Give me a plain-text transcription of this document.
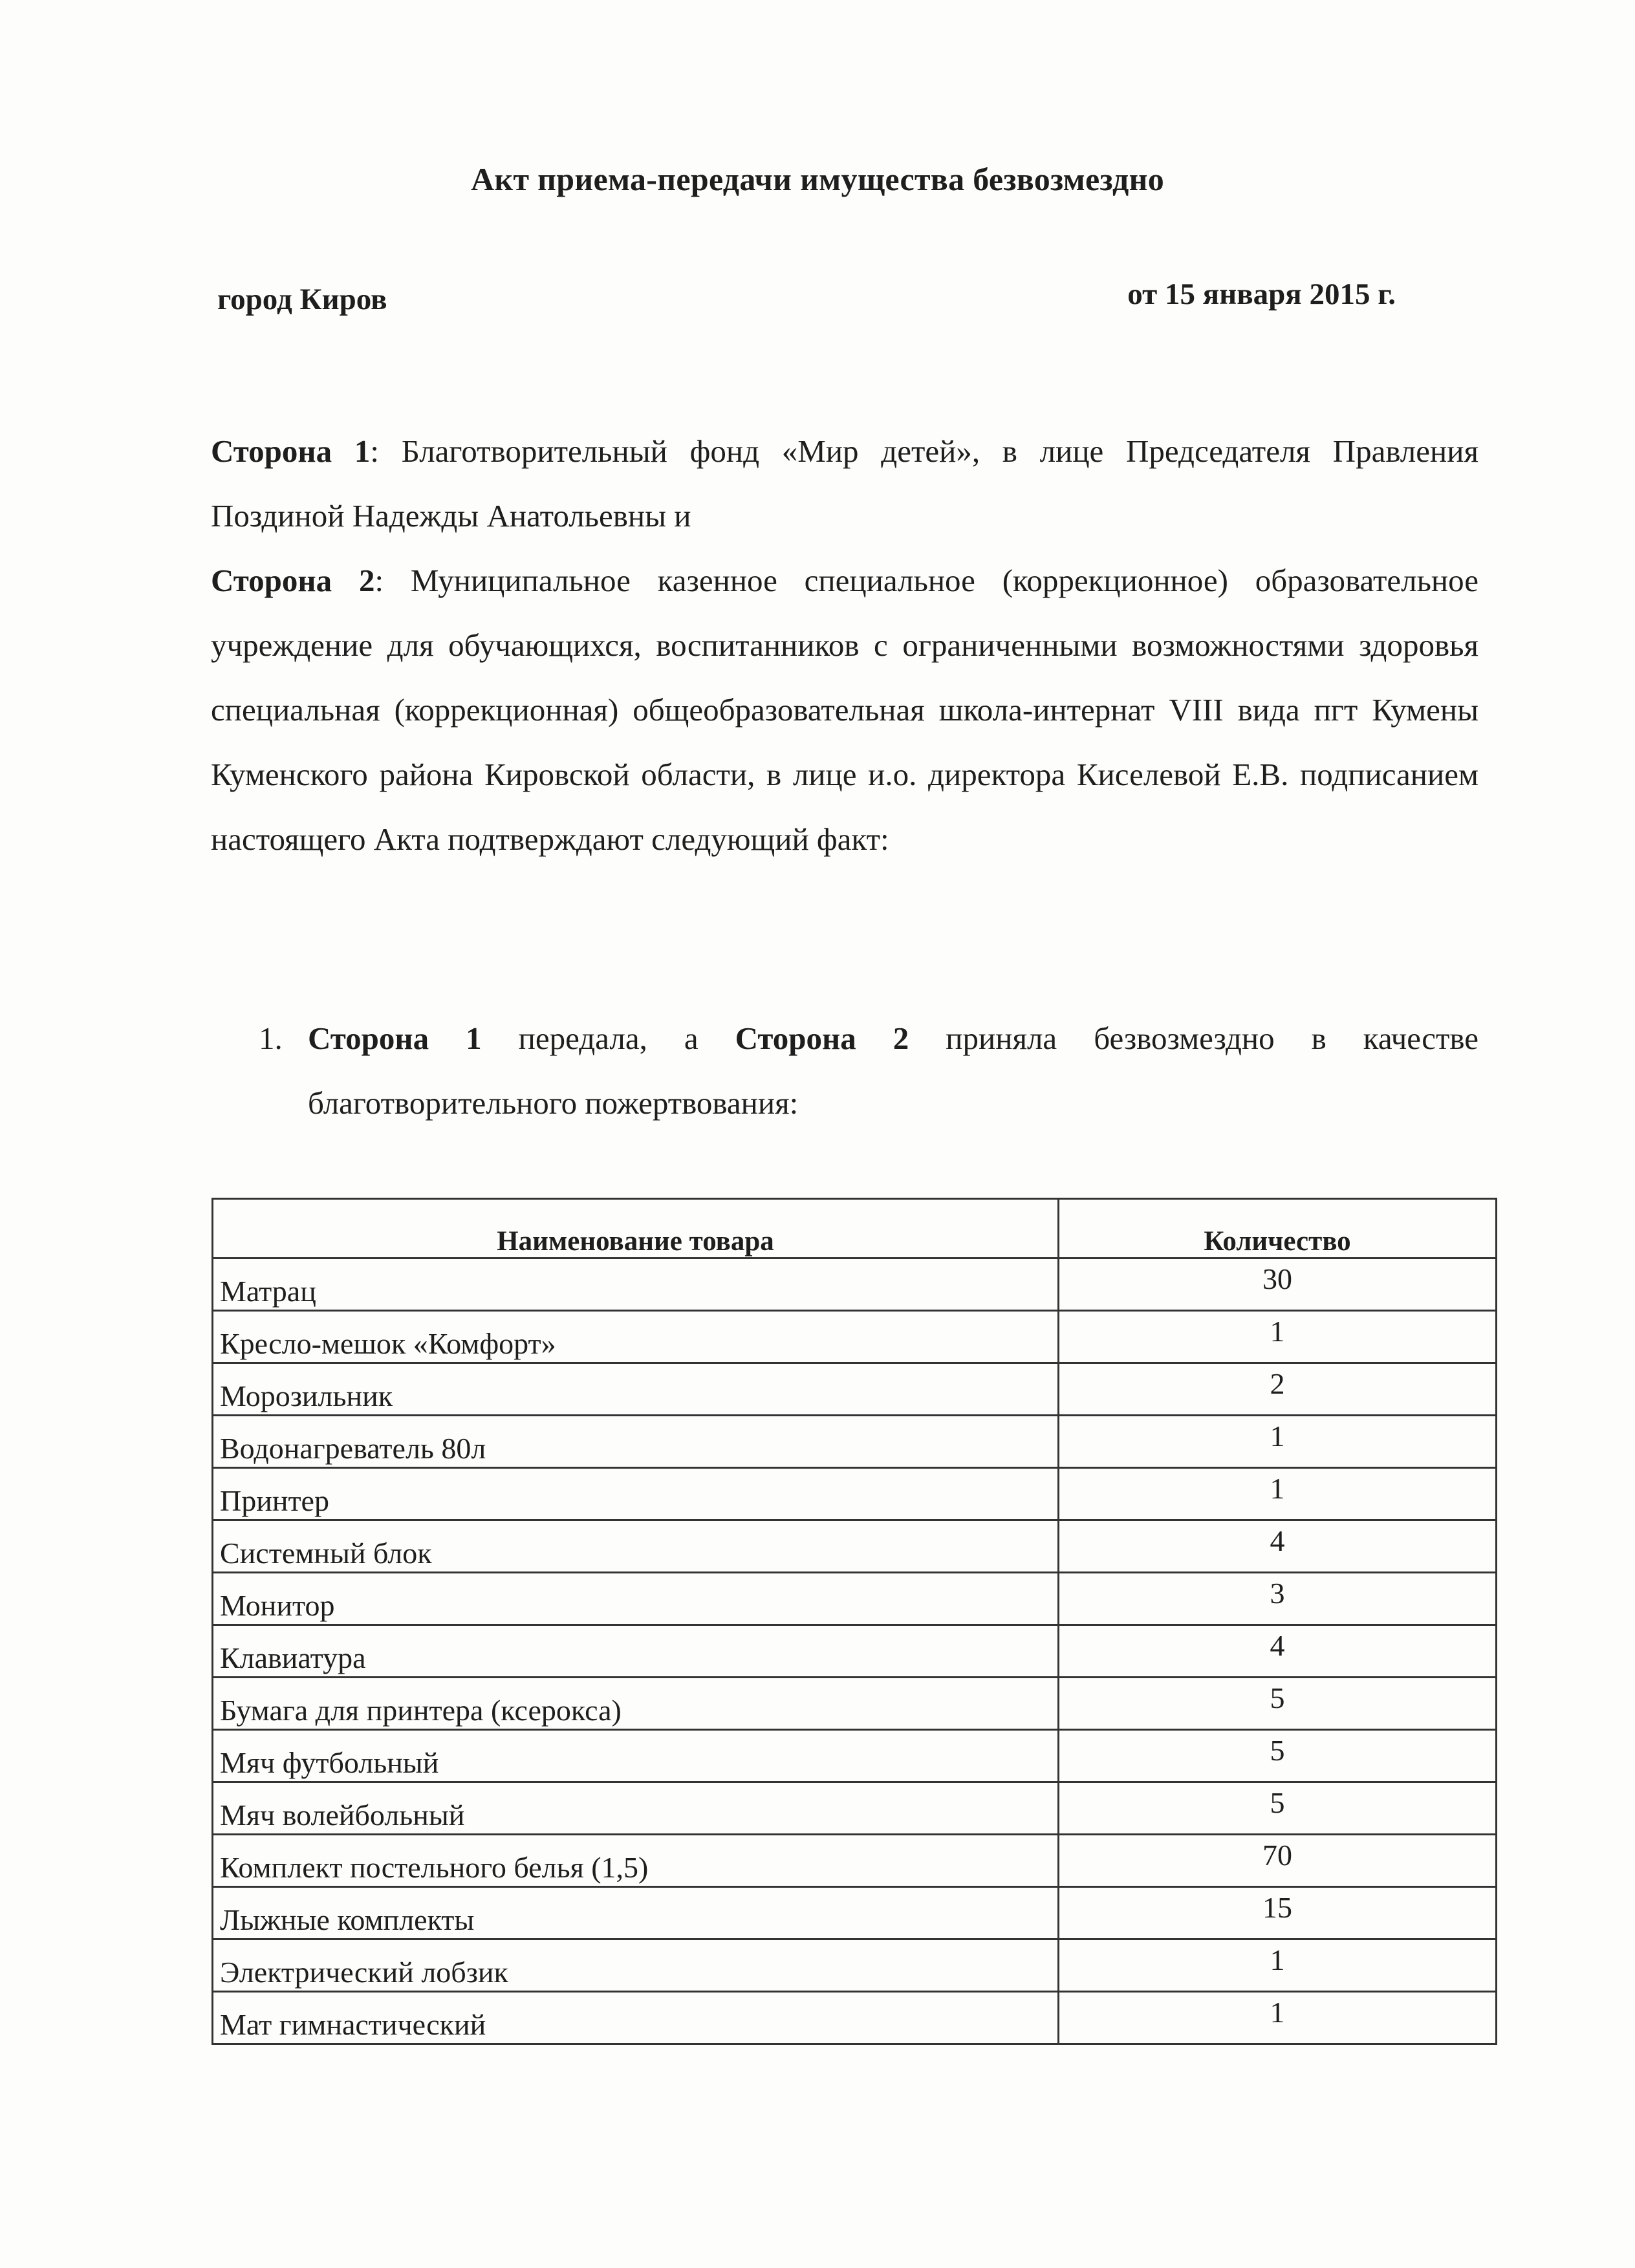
Акт приема-передачи имущества безвозмездно
город Киров	от 15 января 2015 г.

Сторона 1: Благотворительный фонд «Мир детей», в лице Председателя Правления Поздиной Надежды Анатольевны и

Сторона 2: Муниципальное казенное специальное (коррекционное) образовательное учреждение для обучающихся, воспитанников с ограниченными возможностями здоровья специальная (коррекционная) общеобразовательная школа-интернат VIII вида пгт Кумены Куменского района Кировской области, в лице и.о. директора Киселевой Е.В. подписанием настоящего Акта подтверждают следующий факт:

1. Сторона 1 передала, а Сторона 2 приняла безвозмездно в качестве благотворительного пожертвования:
Наименование товара	Количество
Матрац	30
Кресло-мешок «Комфорт»	1
Морозильник	2
Водонагреватель 80л	1
Принтер	1
Системный блок	4
Монитор	3
Клавиатура	4
Бумага для принтера (ксерокса)	5
Мяч футбольный	5
Мяч волейбольный	5
Комплект постельного белья (1,5)	70
Лыжные комплекты	15
Электрический лобзик	1
Мат гимнастический	1
